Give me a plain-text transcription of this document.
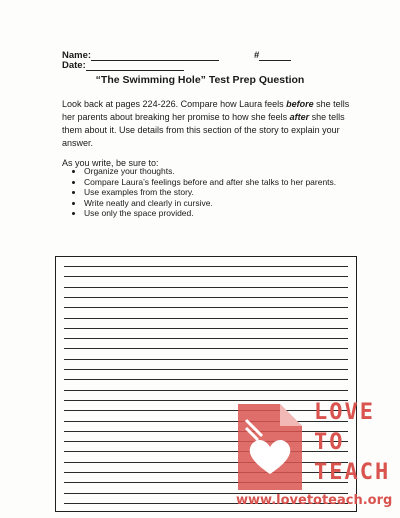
Name:	#
Date:
“The Swimming Hole” Test Prep Question
Look back at pages 224-226. Compare how Laura feels before she tells her parents about breaking her promise to how she feels after she tells them about it. Use details from this section of the story to explain your answer.
As you write, be sure to:
• Organize your thoughts.
• Compare Laura’s feelings before and after she talks to her parents.
• Use examples from the story.
• Write neatly and clearly in cursive.
• Use only the space provided.
LOVE
TO
TEACH
www.lovetoteach.org
